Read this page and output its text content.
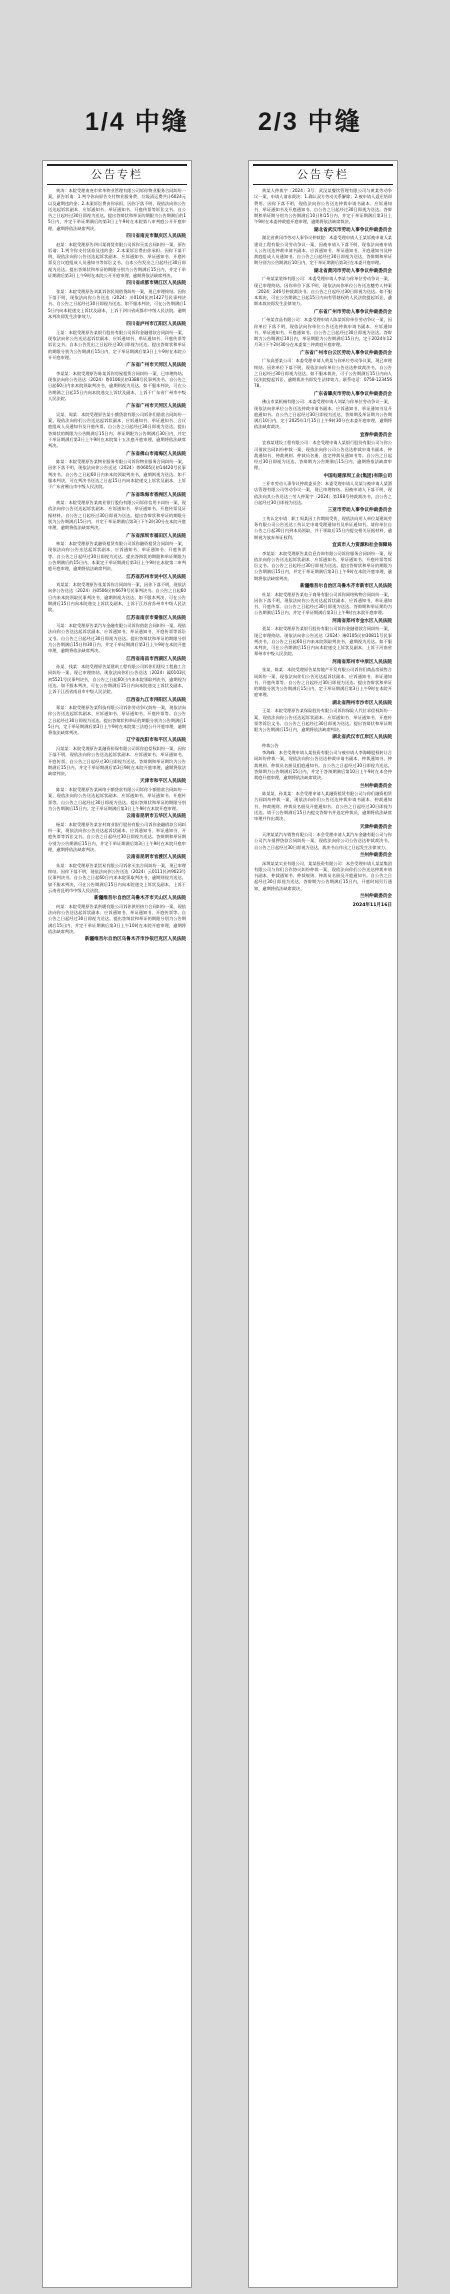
1/4 中缝	2/3 中缝
公告专栏
黄涛：本院受理南充市荣华物业管理有限公司诉你物业服务合同纠纷一案，原告诉请：1.判令你向原告支付物业服务费、垃圾清运费共计6024元以及逾期违约金；2.本案诉讼费由你承担。因你下落不明，现依法向你公告送达起诉状副本、应诉通知书、举证通知书、开庭传票等诉讼文书。自公告之日起经过30日即视为送达。提出答辩状和举证的期限为公告期满后的15日内，并定于举证期满后的第3日上午9时在本院第八审判庭公开开庭审理，逾期将依法缺席判决。
四川省南充市顺庆区人民法院
赵某：本院受理原告四川某商贸有限公司诉你买卖合同纠纷一案，原告诉请：1.判令你支付货款及违约金；2.本案诉讼费由你承担。因你下落不明，现依法向你公告送达起诉状副本、应诉通知书、举证通知书、开庭传票及合议庭组成人员通知书等诉讼文书。自本公告发出之日起经过30日即视为送达。提出答辩状和举证的期限分别为公告期满后15日内，并定于举证期满后第3日上午9时在本院公开开庭审理，逾期将依法缺席判决。
四川省成都市锦江区人民法院
张某：本院受理原告刘某诉你民间借贷纠纷一案，现已审理终结。因你下落不明，现依法向你公告送达（2024）川0104民初1427号民事判决书。自公告之日起经过30日即视为送达。如不服本判决，可在公告期满后15日内向本院递交上诉状及副本，上诉于四川省成都市中级人民法院。逾期本判决即发生法律效力。
四川省泸州市江阳区人民法院
王某：本院受理原告某银行股份有限公司诉你金融借款合同纠纷一案，现依法向你公告送达起诉状副本、应诉通知书、举证通知书、开庭传票等诉讼文书。自本公告发出之日起经过30日即视为送达。提出答辩状和举证的期限分别为公告期满后15日内，定于举证期满后第3日上午9时在本院公开开庭审理。
广东省广州市天河区人民法院
李某某：本院受理原告陈某诉你房屋租赁合同纠纷一案，已审理终结。现依法向你公告送达（2024）粤0106民初3388号民事判决书。自公告之日起60日内来本院领取判决书，逾期则视为送达。如不服本判决，可在公告期满之日起15日内向本院递交上诉状及副本，上诉于广东省广州市中级人民法院。
广东省广州市天河区人民法院
吴某、周某：本院受理原告某小额贷款有限公司诉你们借款合同纠纷一案，现依法向你们公告送达起诉状副本、应诉通知书、举证通知书、合议庭组成人员通知书及开庭传票。自公告之日起经过30日即视为送达。提出答辩状的期限为公告期满后15日内，举证期限为公告期满后30日内，并定于举证期满后第3日上午9时在本院第十五法庭开庭审理，逾期将依法缺席判决。
广东省佛山市南海区人民法院
陈某：本院受理原告某物业服务有限公司诉你物业服务合同纠纷一案，因你下落不明，现依法向你公告送达（2024）粤0605民初14420号民事判决书。自公告之日起60日内来本院领取判决书，逾期则视为送达。如不服本判决，可在判决书送达之日起15日内向本院递交上诉状及副本，上诉于广东省佛山市中级人民法院。
广东省珠海市香洲区人民法院
黄某：本院受理原告某商业银行股份有限公司诉你信用卡纠纷一案，现依法向你公告送达起诉状副本、应诉通知书、举证通知书、开庭传票及证据材料。自公告之日起经过30日即视为送达。提出答辩状和举证的期限分别为公告期满后15日内，并定于举证期满后第3日下午2时30分在本院开庭审理，逾期将依法缺席判决。
广东省深圳市福田区人民法院
林某：本院受理原告某融资租赁有限公司诉你融资租赁合同纠纷一案，现依法向你公告送达起诉状副本、应诉通知书、举证通知书、开庭传票等。自公告之日起经过30日即视为送达。提出答辩状的期限和举证期限为公告期满后的15日内。本案定于举证期满后第3日上午9时在本院第二审判庭开庭审理，逾期将依法缺席判决。
江苏省苏州市吴中区人民法院
刘某某：本院受理原告张某诉你合同纠纷一案，因你下落不明，现依法向你公告送达（2024）苏0506民初6679号民事判决书。自公告之日起60日内来本院领取民事判决书，逾期则视为送达。如不服本判决，可在公告期满后15日内向本院递交上诉状及副本，上诉于江苏省苏州市中级人民法院。
江苏省南京市秦淮区人民法院
马某：本院受理原告某汽车金融有限公司诉你借款合同纠纷一案，现依法向你公告送达起诉状副本、应诉通知书、举证通知书、开庭传票等诉讼文书。自公告之日起经过30日即视为送达。提出答辩状和举证的期限分别为公告期满后15日和30日内，并定于举证期满后第3日上午9时在本院开庭审理，逾期将依法缺席判决。
江西省南昌市西湖区人民法院
孙某、钱某：本院受理原告某建筑工程有限公司诉你们建设工程施工合同纠纷一案，现已审理终结。现依法向你们公告送达（2024）赣0103民初5521号民事判决书，自公告之日起60日内来本院领取判决书，逾期视为送达。如不服本判决，可在公告期满后15日内向本院递交上诉状及副本，上诉于江西省南昌市中级人民法院。
江西省九江市浔阳区人民法院
郑某：本院受理原告某科技有限公司诉你劳动争议纠纷一案，现依法向你公告送达起诉状副本、应诉通知书、举证通知书、开庭传票等。自公告之日起经过30日即视为送达。提出答辩状和举证的期限分别为公告期满后15日内，定于举证期满后第3日上午9时在本院第三法庭公开开庭审理，逾期将依法缺席判决。
辽宁省沈阳市和平区人民法院
冯某某：本院受理原告某融资担保有限公司诉你追偿权纠纷一案，因你下落不明，现依法向你公告送达起诉状副本、应诉通知书、举证通知书、开庭传票。自公告之日起经过30日即视为送达。答辩期和举证期均为公告期满后15日内，并定于举证期满后第3日9时在本院开庭审理，逾期将依法缺席判决。
天津市和平区人民法院
陈某：本院受理原告某网络小额贷款有限公司诉你小额借款合同纠纷一案，现依法向你公告送达起诉状副本、应诉通知书、举证通知书、开庭传票等。自公告之日起经过30日即视为送达。提出答辩状和举证的期限分别为公告期满后15日内，定于举证期满后第3日上午9时在本院开庭审理。
云南省昆明市五华区人民法院
杨某：本院受理原告某农村商业银行股份有限公司诉你金融借款合同纠纷一案，现依法向你公告送达起诉状副本、应诉通知书、举证通知书、开庭传票等诉讼文书。自公告之日起经过30日即视为送达。答辩期和举证期分别为公告期满后15日内，并定于举证期满后第3日上午9时在本院开庭审理，逾期将依法缺席判决。
云南省昆明市官渡区人民法院
朱某：本院受理原告某贸易有限公司诉你买卖合同纠纷一案，现已审理终结。因你下落不明，现依法向你公告送达（2024）云0111民初9023号民事判决书。自公告之日起60日内来本院领取判决书，逾期则视为送达。如不服本判决，可在公告期满后15日内向本院递交上诉状及副本，上诉于云南省昆明市中级人民法院。
新疆维吾尔自治区乌鲁木齐市天山区人民法院
何某：本院受理原告某供暖有限公司诉你供用热力合同纠纷一案，现依法向你公告送达起诉状副本、应诉通知书、举证通知书、开庭传票等。自公告之日起经过30日即视为送达。提出答辩状和举证的期限分别为公告期满后15日内，并定于举证期满后第3日上午10时在本院开庭审理，逾期将依法缺席判决。
新疆维吾尔自治区乌鲁木齐市沙依巴克区人民法院
公告专栏
黄某人仲裁字〔2024〕3号：武汉某餐饮管理有限公司与黄某劳动争议一案，申请人请求裁决：1.确认双方劳动关系解除；2.被申请人返还培训费用。因你下落不明，现依法向你公告送达仲裁申请书副本、应诉通知书、举证通知书及开庭通知书。自公告之日起经过30日即视为送达。答辩期和举证期分别为公告期满后10日和15日内，并定于举证期满后第3日上午9时在本委仲裁庭开庭审理，逾期将依法缺席裁决。
湖北省武汉市劳动人事争议仲裁委员会
湖北省黄冈市劳动人事争议仲裁院：本委受理申请人王某诉被申请人某建设工程有限公司劳动争议一案，因被申请人下落不明，现依法向被申请人公告送达仲裁申请书副本、应诉通知书、举证通知书、开庭通知书及仲裁庭组成人员通知书。自公告之日起经过30日即视为送达，答辩期和举证期分别为公告期满后10日内，定于举证期满后第3日在本委开庭审理。
湖北省黄冈市劳动人事争议仲裁委员会
广州某某装饰有限公司：本委受理申请人李某与你单位劳动争议一案，现已审理终结。因你单位下落不明，现依法向你单位公告送达穗劳人仲案〔2024〕246号仲裁裁决书。自公告之日起经过30日即视为送达。如不服本裁决，可在公告期满之日起15日内向有管辖权的人民法院提起诉讼，逾期本裁决即发生法律效力。
广东省广州市劳动人事争议仲裁委员会
广州某食品有限公司：本委受理申请人陈某诉你单位劳动争议一案，因你单位下落不明，现依法向你单位公告送达仲裁申请书副本、应诉通知书、举证通知书、开庭通知书。自公告之日起经过30日即视为送达。答辩期为公告期满后10日内，举证期限为公告期满后15日内，定于2024年12月3日下午2时30分在本委第三仲裁庭开庭审理。
广东省广州市白云区劳动人事争议仲裁委员会
广东高要某公司：本委受理申请人黄某与你单位劳动争议案，现已审理终结。因你单位下落不明，现依法向你单位公告送达仲裁裁决书，自公告之日起经过30日即视为送达。如不服本裁决，可于公告期满后15日内向人民法院提起诉讼，逾期裁决书即发生法律效力。联系电话：0758-12345678。
广东省肇庆市劳动人事争议仲裁委员会
佛山市某机械有限公司：本委受理申请人刘某与你单位劳动争议一案，现依法向你单位公告送达仲裁申请书副本、应诉通知书、举证通知书及开庭通知书。自公告之日起经过30日即视为送达，答辩期及举证期为公告期满后10日内，定于2025年1月15日上午9时30分在本委开庭审理，逾期将依法缺席裁决。
宜春仲裁委员会
宜春某建设工程有限公司：本会受理申请人某银行股份有限公司与你公司借款合同纠纷仲裁一案，现依法向你公司公告送达仲裁申请书副本、仲裁通知书、仲裁规则、仲裁员名册、选定仲裁员通知书等。自公告之日起经过30日即视为送达。答辩期为公告期满后15日内，逾期将依法缺席审理。
中国电建深圳工业(集团)有限公司
三亚市劳动人事争议仲裁委员会：本委受理申请人吴某与被申请人某酒店管理有限公司劳动争议一案，现已审理终结。因被申请人下落不明，现依法向其公告送达三劳人仲案字〔2024〕第168号仲裁裁决书，自公告之日起经过30日即视为送达。
三亚市劳动人事争议仲裁委员会
工伤认定申请：职工周某因工作期间受伤，现依法向用人单位某建筑劳务有限公司公告送达工伤认定申请受理通知书及举证通知书。请你单位自公告之日起30日内到本局领取，并于领取后15日内提交相关证据材料，逾期视为放弃举证权利。
宜宾市人力资源和社会保障局
李某某：本院受理原告某信息咨询有限公司诉你服务合同纠纷一案，现依法向你公告送达起诉状副本、应诉通知书、举证通知书、开庭传票等诉讼文书。自公告之日起经过30日即视为送达。提出答辩状和举证的期限为公告期满后15日内，并定于举证期满后第3日上午9时在本院开庭审理，逾期将依法缺席判决。
新疆维吾尔自治区乌鲁木齐市新市区人民法院
杜某：本院受理原告某电子商务有限公司诉你网络购物合同纠纷一案，因你下落不明，现依法向你公告送达起诉状副本、应诉通知书、举证通知书、开庭传票。自公告之日起经过30日即视为送达。答辩期和举证期均为公告期满后15日内，并定于举证期满后第3日上午9时在本院开庭审理。
河南省郑州市金水区人民法院
聂某：本院受理原告某银行股份有限公司诉你金融借款合同纠纷一案，现已审理终结。现依法向你公告送达（2024）豫0105民初30811号民事判决书，自公告之日起60日内来本院领取判决书，逾期视为送达。如不服本判决，可在公告期满后15日内向本院递交上诉状及副本，上诉于河南省郑州市中级人民法院。
河南省郑州市中原区人民法院
张某、陈某：本院受理原告某房地产开发有限公司诉你们商品房预售合同纠纷一案，现依法向你们公告送达起诉状副本、应诉通知书、举证通知书、开庭传票等。自公告之日起经过30日即视为送达。提出答辩状和举证的期限分别为公告期满后15日内，定于举证期满后第3日上午9时在本院开庭审理。
湖北省荆州市沙市区人民法院
王某：本院受理原告某保险股份有限公司诉你保险人代位求偿权纠纷一案，现依法向你公告送达起诉状副本、应诉通知书、举证通知书、开庭传票等诉讼文书。自公告之日起经过30日即视为送达。提出答辩状和举证期限为公告期满后15日内，逾期将依法缺席判决。
湖北省武汉市江岸区人民法院
仲裁公告
李海峰：本会受理申请人某投资有限公司与被申请人李海峰股权转让合同纠纷仲裁一案，现依法向你公告送达仲裁申请书副本、仲裁通知书、仲裁规则、仲裁员名册及组庭通知书。自公告之日起经过30日即视为送达。答辩期为公告期满后15日内，并定于答辩期满后第10日上午9时在本会仲裁庭开庭审理，逾期将依法缺席裁决。
兰州仲裁委员会
陈某某、孙某某：本会受理申请人某融资租赁有限公司与你们融资租赁合同纠纷仲裁一案，现依法向你们公告送达仲裁申请书副本、仲裁通知书、仲裁规则、仲裁员名册及开庭通知书。自公告之日起经过30日即视为送达。请于公告期满后15日内提交答辩书并选定仲裁员，逾期将依法缺席审理并作出裁决。
天津仲裁委员会
天津某某汽车销售有限公司：本会受理申请人某汽车金融有限公司与你公司汽车抵押贷款合同纠纷一案，现依法向你公司公告送达仲裁裁决书。自公告之日起经过30日即视为送达，裁决书自作出之日起发生法律效力。
兰州仲裁委员会
深圳某某实业有限公司、某某投资有限公司：本会受理申请人某某集团有限公司与你们合作协议纠纷仲裁一案，现依法向你们公告送达仲裁申请书副本、仲裁通知书、仲裁规则、仲裁员名册及开庭通知书。自公告之日起经过30日即视为送达，答辩期为公告期满后15日内，开庭时间另行通知，逾期将依法缺席裁决。
兰州仲裁委员会
2024年11月16日
